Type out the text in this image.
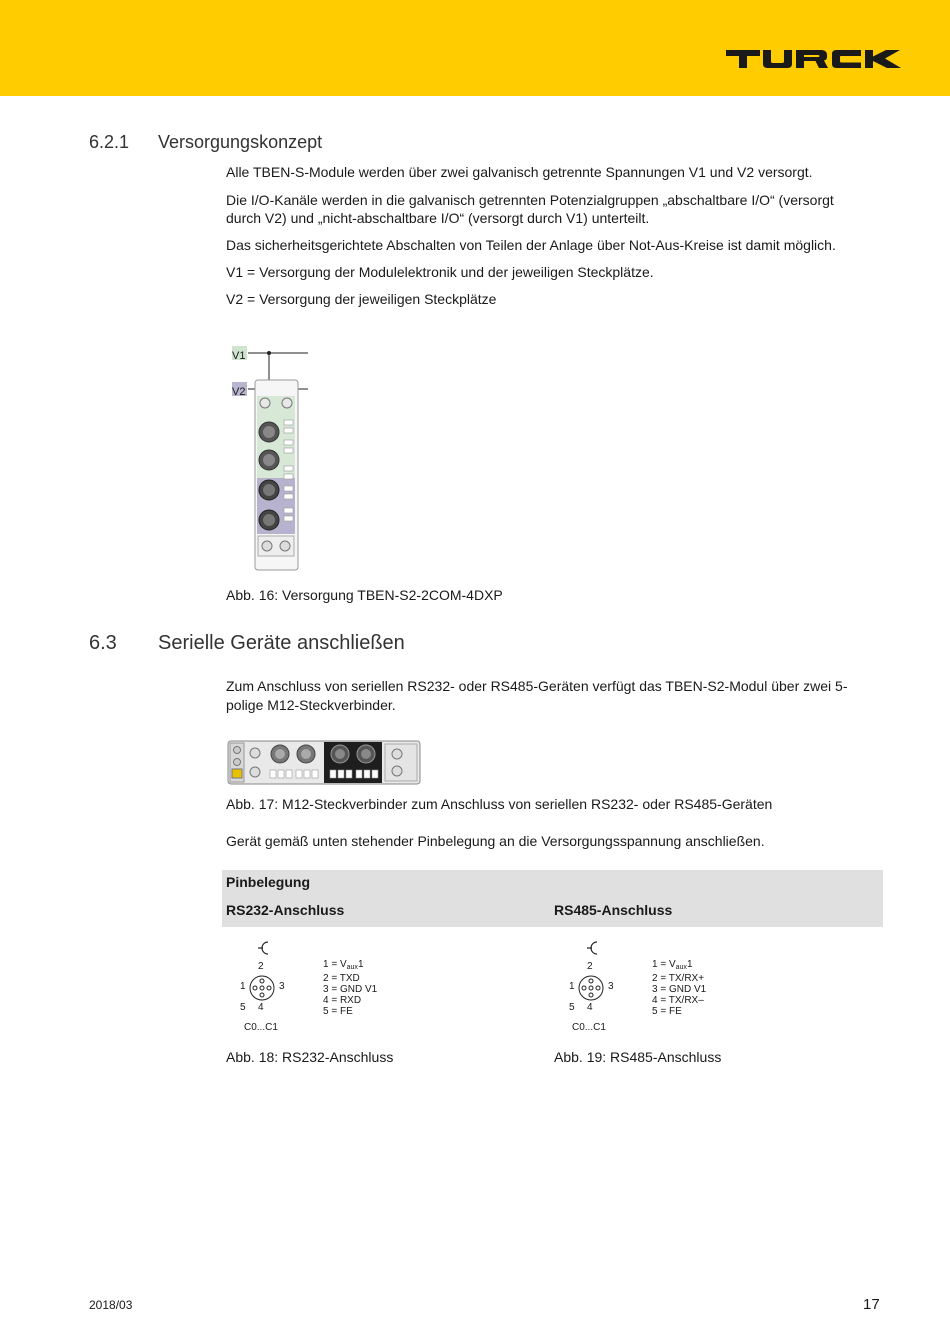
6.2.1 Versorgungskonzept
Alle TBEN-S-Module werden über zwei galvanisch getrennte Spannungen V1 und V2 versorgt.
Die I/O-Kanäle werden in die galvanisch getrennten Potenzialgruppen „abschaltbare I/O“ (versorgt
durch V2) und „nicht-abschaltbare I/O“ (versorgt durch V1) unterteilt.
Das sicherheitsgerichtete Abschalten von Teilen der Anlage über Not-Aus-Kreise ist damit möglich.
V1 = Versorgung der Modulelektronik und der jeweiligen Steckplätze.
V2 = Versorgung der jeweiligen Steckplätze
V1
V2
Abb. 16: Versorgung TBEN-S2-2COM-4DXP
6.3 Serielle Geräte anschließen
Zum Anschluss von seriellen RS232- oder RS485-Geräten verfügt das TBEN-S2-Modul über zwei 5-
polige M12-Steckverbinder.
Abb. 17: M12-Steckverbinder zum Anschluss von seriellen RS232- oder RS485-Geräten
Gerät gemäß unten stehender Pinbelegung an die Versorgungsspannung anschließen.
Pinbelegung
RS232-Anschluss	RS485-Anschluss
2
1	3
5 4
$1 = V_{aux}1$
2 = TXD
3 = GND V1
4 = RXD
5 = FE
C0...C1
Abb. 18: RS232-Anschluss
2
1	3
5 4
$1 = V_{aux}1$
2 = TX/RX+
3 = GND V1
4 = TX/RX–
5 = FE
C0...C1
Abb. 19: RS485-Anschluss
2018/03	17
